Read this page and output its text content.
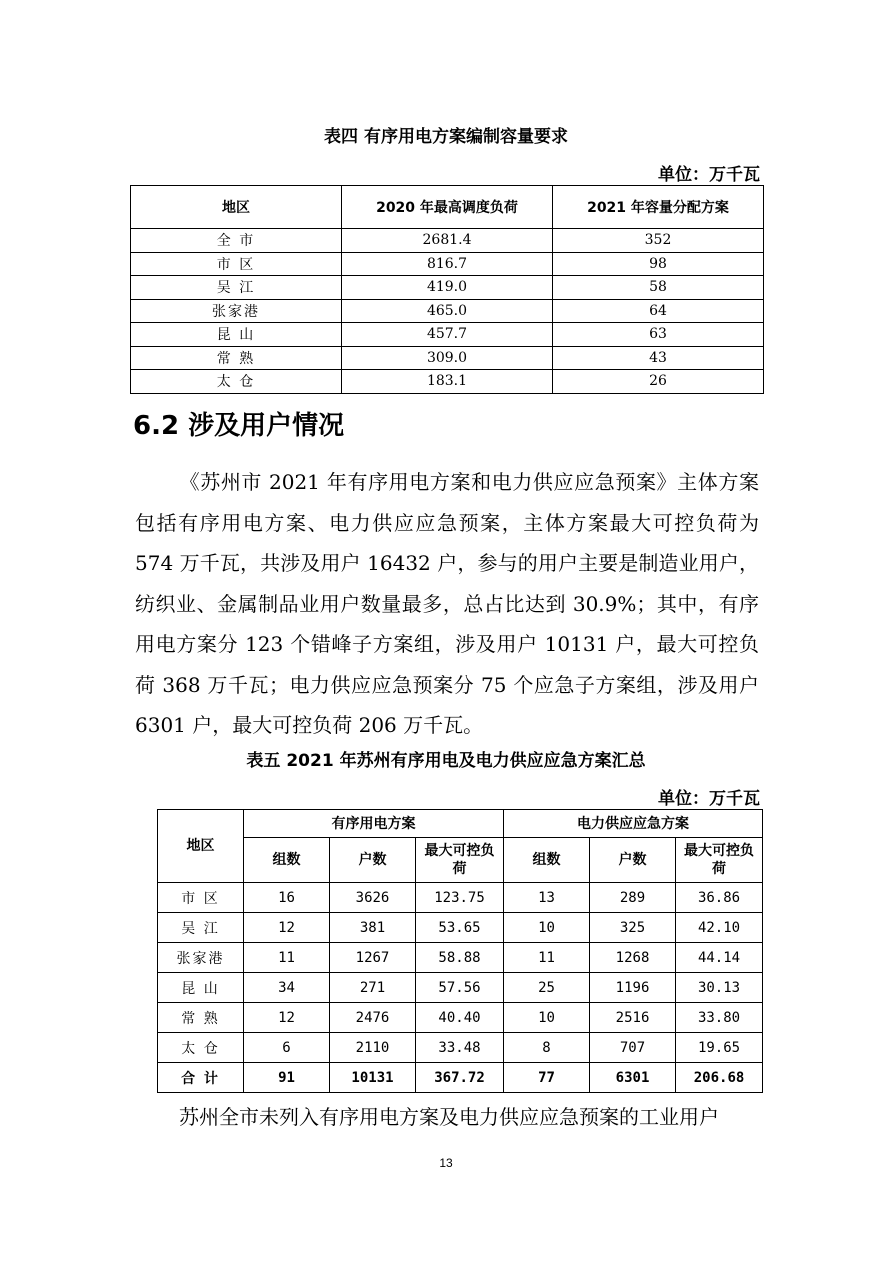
表四 有序用电方案编制容量要求
单位：万千瓦
地区	2020 年最高调度负荷	2021 年容量分配方案
全 市	2681.4	352
市 区	816.7	98
吴 江	419.0	58
张家港	465.0	64
昆 山	457.7	63
常 熟	309.0	43
太 仓	183.1	26
6.2 涉及用户情况

《苏州市 2021 年有序用电方案和电力供应应急预案》主体方案包括有序用电方案、电力供应应急预案，主体方案最大可控负荷为 574 万千瓦，共涉及用户 16432 户，参与的用户主要是制造业用户，纺织业、金属制品业用户数量最多，总占比达到 30.9%；其中，有序用电方案分 123 个错峰子方案组，涉及用户 10131 户，最大可控负荷 368 万千瓦；电力供应应急预案分 75 个应急子方案组，涉及用户 6301 户，最大可控负荷 206 万千瓦。

表五 2021 年苏州有序用电及电力供应应急方案汇总
单位：万千瓦
地区	有序用电方案			电力供应应急方案		
	组数	户数	最大可控负荷	组数	户数	最大可控负荷
市 区	16	3626	123.75	13	289	36.86
吴 江	12	381	53.65	10	325	42.10
张家港	11	1267	58.88	11	1268	44.14
昆 山	34	271	57.56	25	1196	30.13
常 熟	12	2476	40.40	10	2516	33.80
太 仓	6	2110	33.48	8	707	19.65
合 计	91	10131	367.72	77	6301	206.68

苏州全市未列入有序用电方案及电力供应应急预案的工业用户

13
